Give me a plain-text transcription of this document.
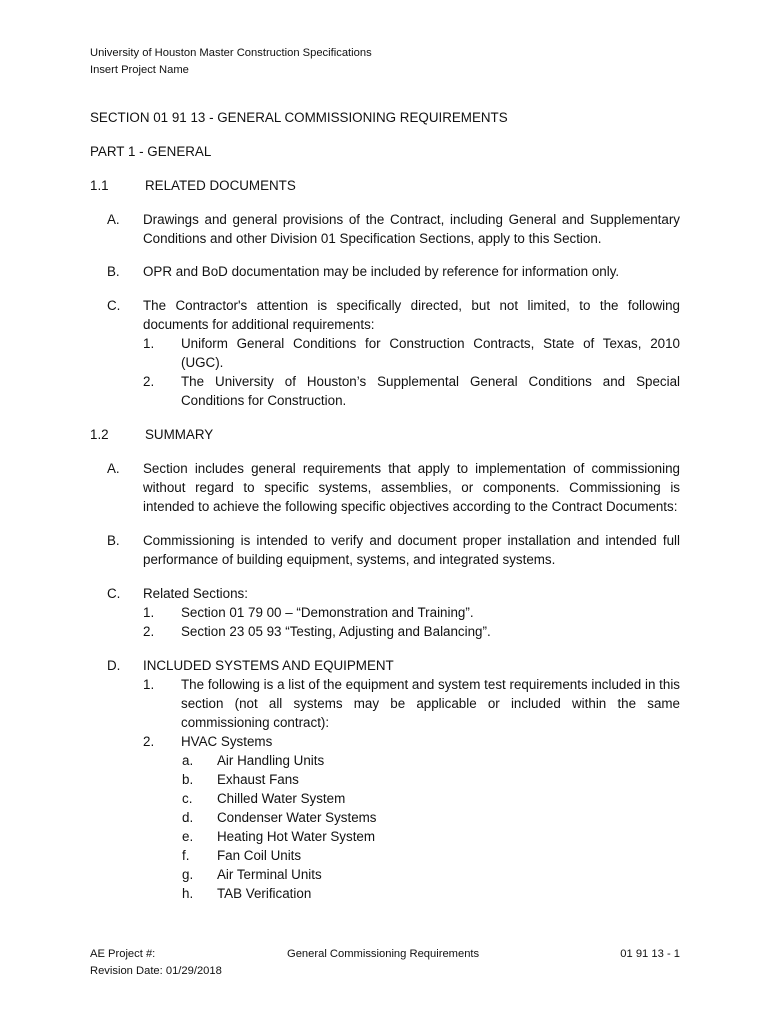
University of Houston Master Construction Specifications
Insert Project Name
SECTION 01 91 13 - GENERAL COMMISSIONING REQUIREMENTS
PART 1 - GENERAL
1.1	RELATED DOCUMENTS
A. Drawings and general provisions of the Contract, including General and Supplementary Conditions and other Division 01 Specification Sections, apply to this Section.
B. OPR and BoD documentation may be included by reference for information only.
C. The Contractor's attention is specifically directed, but not limited, to the following documents for additional requirements:
1. Uniform General Conditions for Construction Contracts, State of Texas, 2010 (UGC).
2. The University of Houston’s Supplemental General Conditions and Special Conditions for Construction.
1.2	SUMMARY
A. Section includes general requirements that apply to implementation of commissioning without regard to specific systems, assemblies, or components. Commissioning is intended to achieve the following specific objectives according to the Contract Documents:
B. Commissioning is intended to verify and document proper installation and intended full performance of building equipment, systems, and integrated systems.
C. Related Sections:
1. Section 01 79 00 – “Demonstration and Training”.
2. Section 23 05 93 “Testing, Adjusting and Balancing”.
D. INCLUDED SYSTEMS AND EQUIPMENT
1. The following is a list of the equipment and system test requirements included in this section (not all systems may be applicable or included within the same commissioning contract):
2. HVAC Systems
a. Air Handling Units
b. Exhaust Fans
c. Chilled Water System
d. Condenser Water Systems
e. Heating Hot Water System
f. Fan Coil Units
g. Air Terminal Units
h. TAB Verification
AE Project #:
Revision Date: 01/29/2018
General Commissioning Requirements	01 91 13 - 1
